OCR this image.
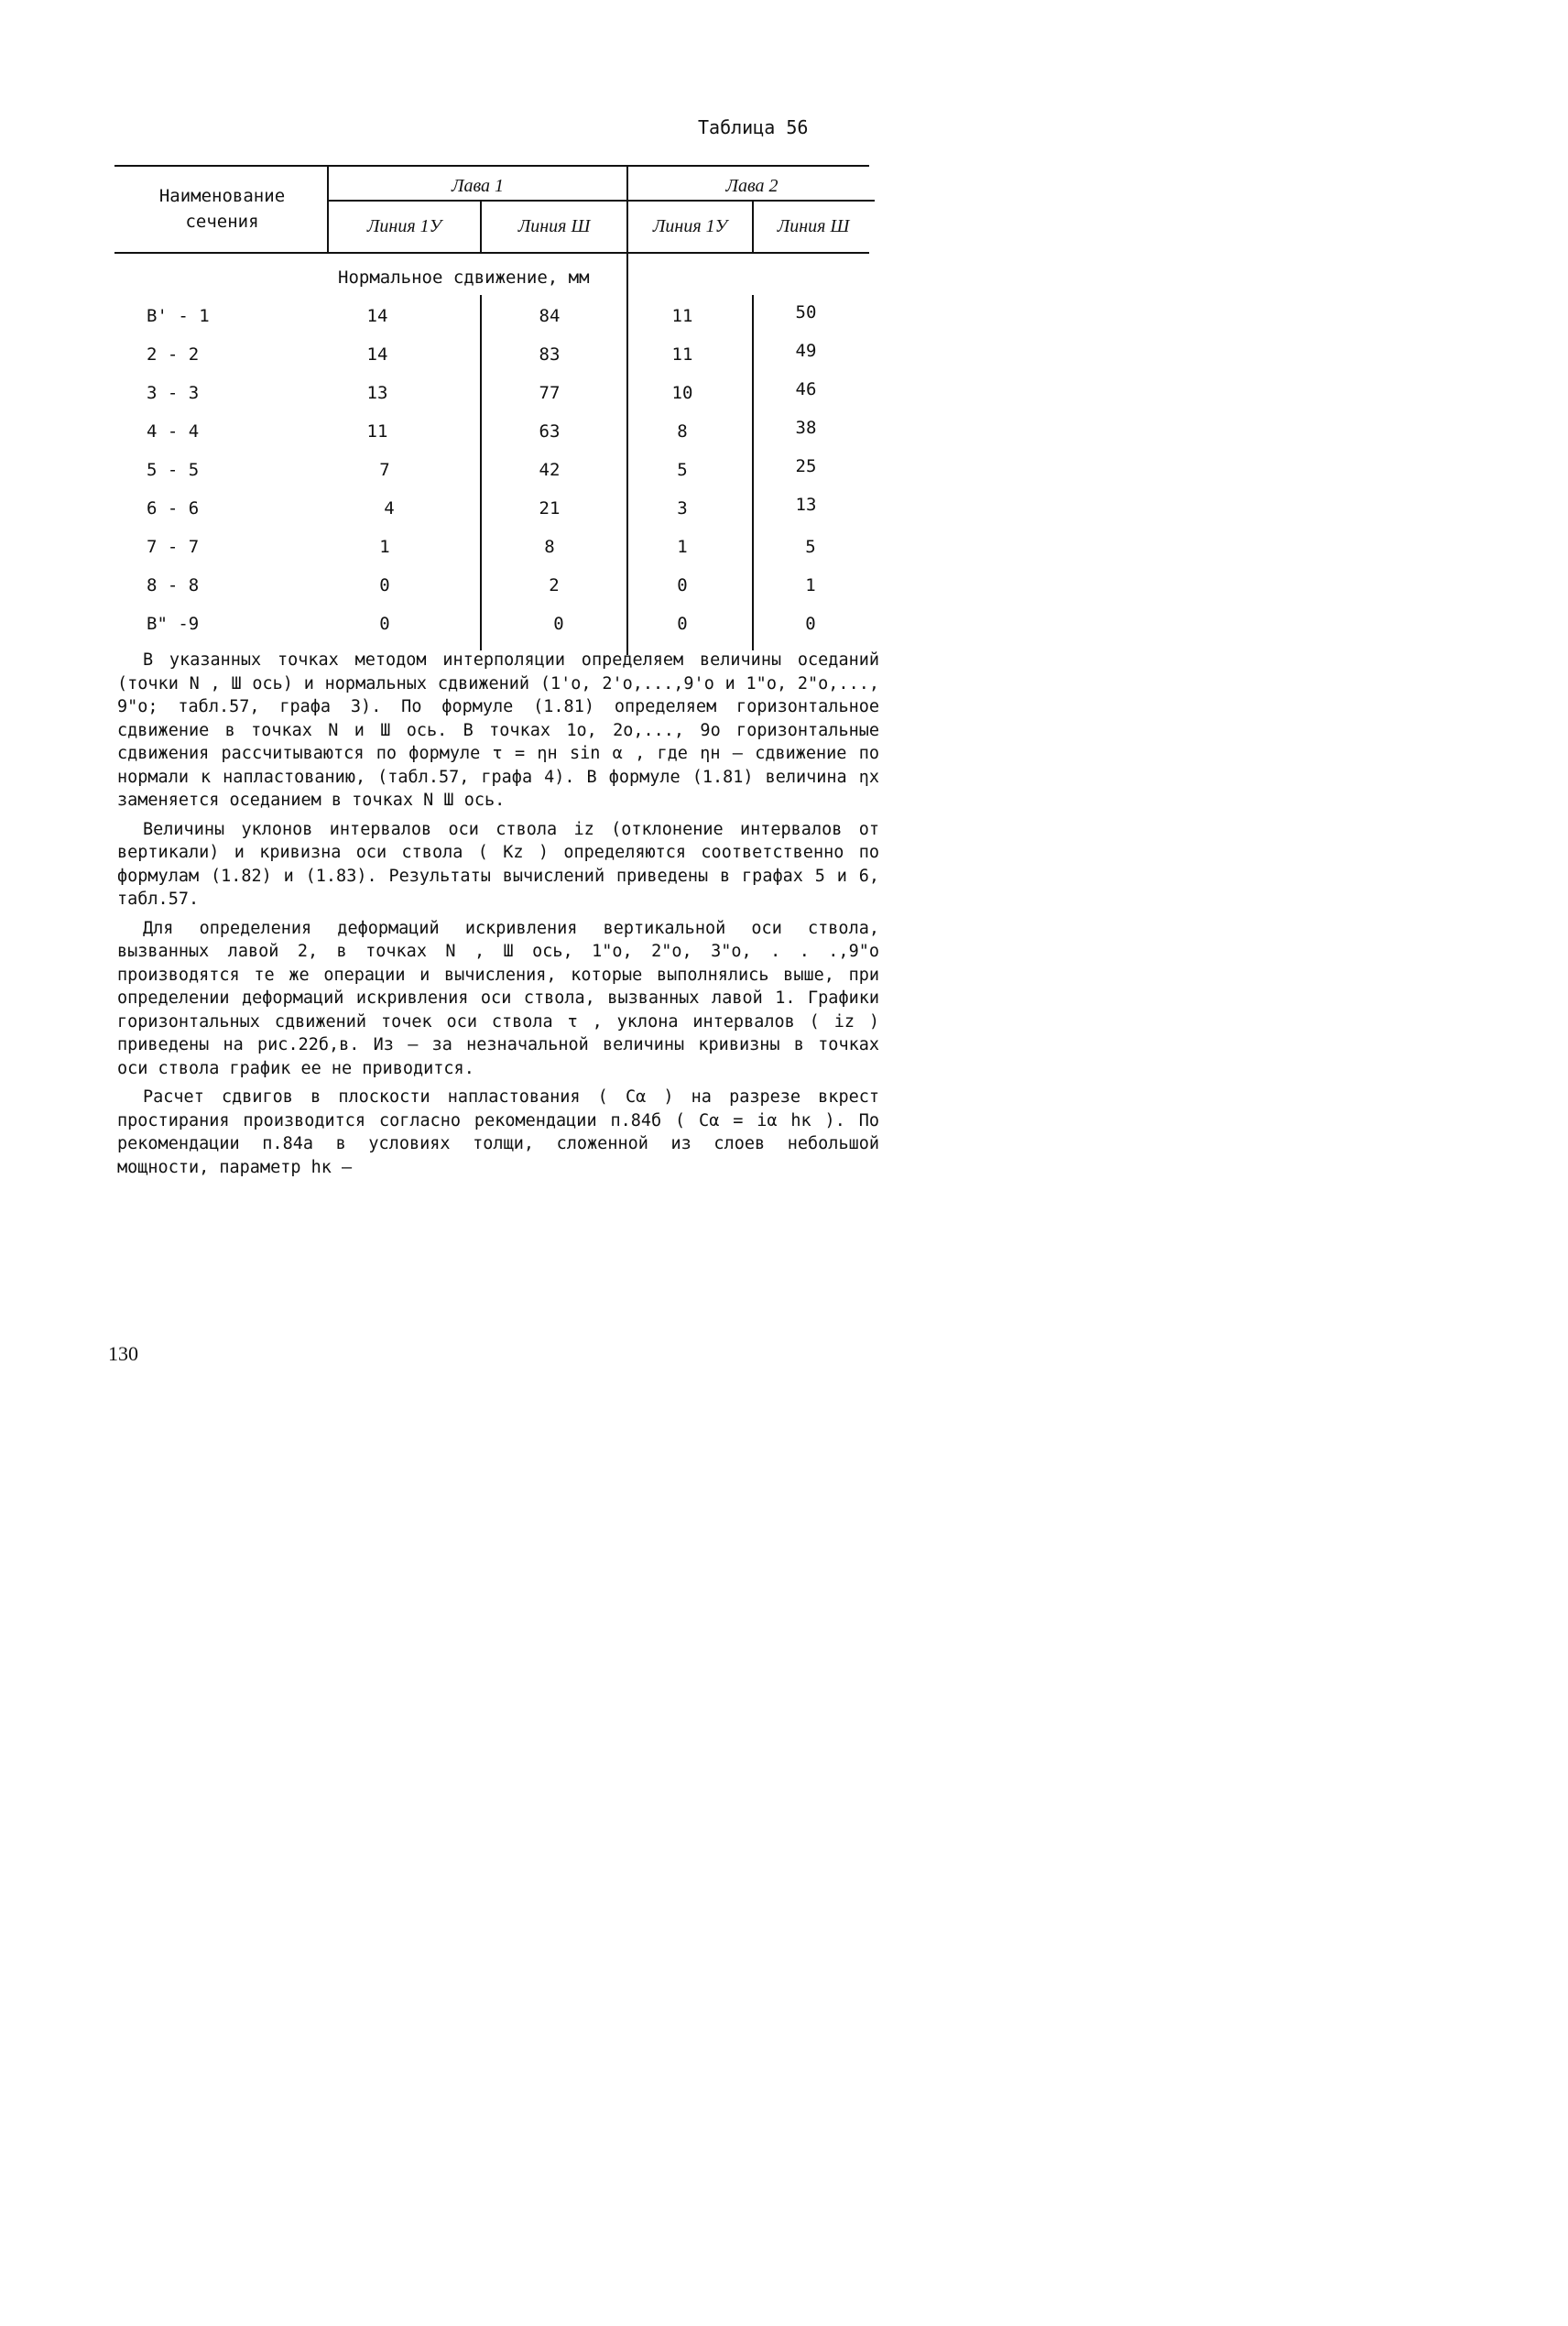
Таблица 56
Наименование сечения
Лава 1	Лава 2
Линия 1У	Линия Ш	Линия 1У	Линия Ш
Нормальное сдвижение, мм
В' - 1	14	84	11	50
2 - 2	14	83	11	49
3 - 3	13	77	10	46
4 - 4	11	63	8	38
5 - 5	7	42	5	25
6 - 6	4	21	3	13
7 - 7	1	8	1	5
8 - 8	0	2	0	1
В" -9	0	0	0	0

В указанных точках методом интерполяции определяем величины оседаний (точки N , Ш ось) и нормальных сдвижений (1'о, 2'о,...,9'о и 1"о, 2"о,..., 9"о; табл.57, графа 3). По формуле (1.81) определяем горизонтальное сдвижение в точках N и Ш ось. В точках 1о, 2о,..., 9о горизонтальные сдвижения рассчитываются по формуле τ = ηн sin α , где ηн – сдвижение по нормали к напластованию, (табл.57, графа 4). В формуле (1.81) величина ηx заменяется оседанием в точках N Ш ось.

Величины уклонов интервалов оси ствола iz (отклонение интервалов от вертикали) и кривизна оси ствола ( Kz ) определяются соответственно по формулам (1.82) и (1.83). Результаты вычислений приведены в графах 5 и 6, табл.57.

Для определения деформаций искривления вертикальной оси ствола, вызванных лавой 2, в точках N , Ш ось, 1"о, 2"о, 3"о, . . .,9"о производятся те же операции и вычисления, которые выполнялись выше, при определении деформаций искривления оси ствола, вызванных лавой 1. Графики горизонтальных сдвижений точек оси ствола τ , уклона интервалов ( iz ) приведены на рис.22б,в. Из – за незначальной величины кривизны в точках оси ствола график ее не приводится.

Расчет сдвигов в плоскости напластования ( Cα ) на разрезе вкрест простирания производится согласно рекомендации п.84б ( Cα = iα hк ). По рекомендации п.84а в условиях толщи, сложенной из слоев небольшой мощности, параметр hк –

130
